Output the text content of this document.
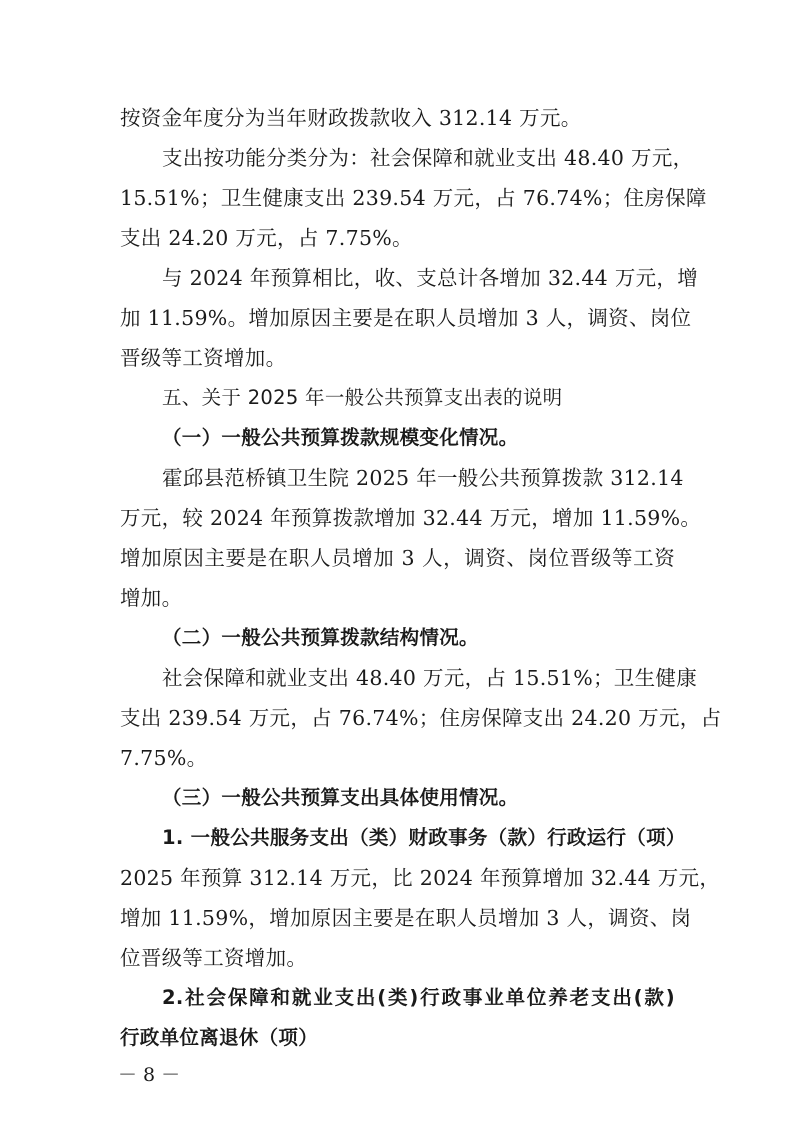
按资金年度分为当年财政拨款收入 312.14 万元。
支出按功能分类分为：社会保障和就业支出 48.40 万元，
15.51%；卫生健康支出 239.54 万元，占 76.74%；住房保障
支出 24.20 万元，占 7.75%。
与 2024 年预算相比，收、支总计各增加 32.44 万元，增
加 11.59%。增加原因主要是在职人员增加 3 人，调资、岗位
晋级等工资增加。
五、关于 2025 年一般公共预算支出表的说明
（一）一般公共预算拨款规模变化情况。
霍邱县范桥镇卫生院 2025 年一般公共预算拨款 312.14
万元，较 2024 年预算拨款增加 32.44 万元，增加 11.59%。
增加原因主要是在职人员增加 3 人，调资、岗位晋级等工资
增加。
（二）一般公共预算拨款结构情况。
社会保障和就业支出 48.40 万元，占 15.51%；卫生健康
支出 239.54 万元，占 76.74%；住房保障支出 24.20 万元，占
7.75%。
（三）一般公共预算支出具体使用情况。
1. 一般公共服务支出（类）财政事务（款）行政运行（项）
2025 年预算 312.14 万元，比 2024 年预算增加 32.44 万元，
增加 11.59%，增加原因主要是在职人员增加 3 人，调资、岗
位晋级等工资增加。
2.社会保障和就业支出(类)行政事业单位养老支出(款)
行政单位离退休（项）
－ 8 －
